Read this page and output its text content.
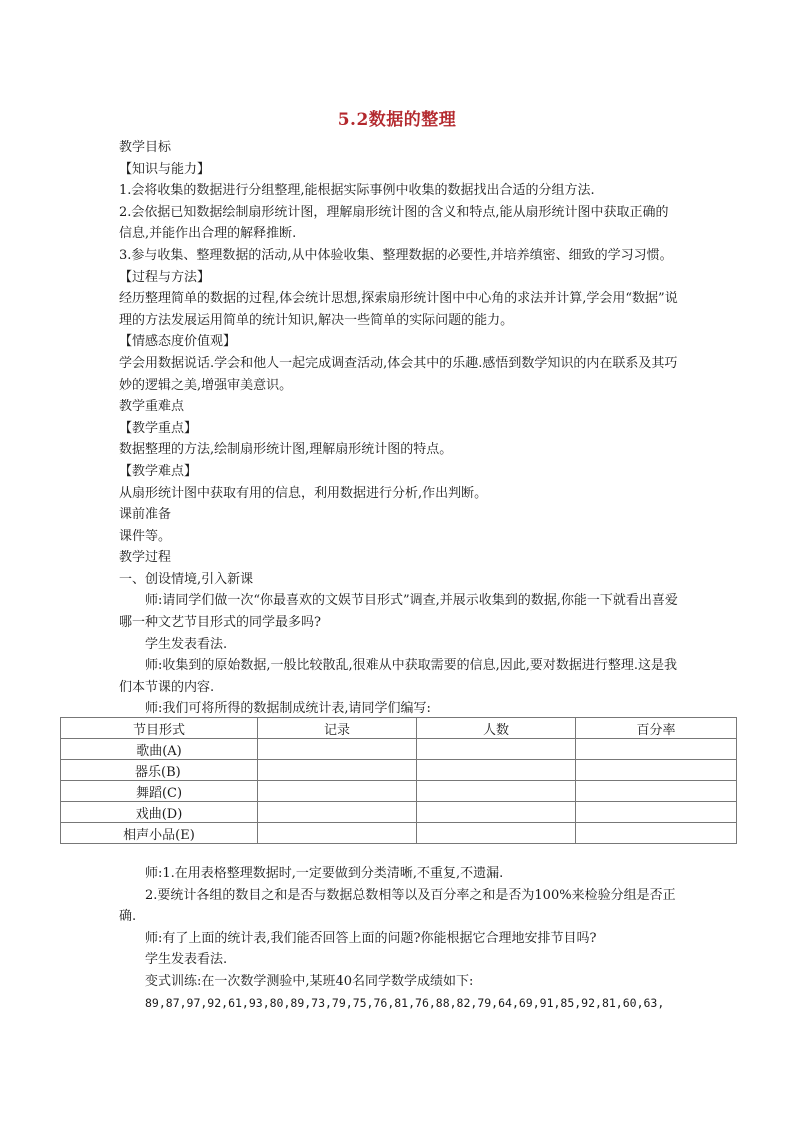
5.2数据的整理

教学目标

【知识与能力】

1.会将收集的数据进行分组整理,能根据实际事例中收集的数据找出合适的分组方法.

2.会依据已知数据绘制扇形统计图，理解扇形统计图的含义和特点,能从扇形统计图中获取正确的信息,并能作出合理的解释推断.

3.参与收集、整理数据的活动,从中体验收集、整理数据的必要性,并培养缜密、细致的学习习惯。

【过程与方法】

经历整理简单的数据的过程,体会统计思想,探索扇形统计图中中心角的求法并计算,学会用“数据”说理的方法发展运用简单的统计知识,解决一些简单的实际问题的能力。

【情感态度价值观】

学会用数据说话.学会和他人一起完成调查活动,体会其中的乐趣.感悟到数学知识的内在联系及其巧妙的逻辑之美,增强审美意识。

教学重难点

【教学重点】

数据整理的方法,绘制扇形统计图,理解扇形统计图的特点。

【教学难点】

从扇形统计图中获取有用的信息，利用数据进行分析,作出判断。

课前准备

课件等。

教学过程

一、创设情境,引入新课

师:请同学们做一次“你最喜欢的文娱节目形式”调查,并展示收集到的数据,你能一下就看出喜爱哪一种文艺节目形式的同学最多吗?

学生发表看法.

师:收集到的原始数据,一般比较散乱,很难从中获取需要的信息,因此,要对数据进行整理.这是我们本节课的内容.

师:我们可将所得的数据制成统计表,请同学们编写:

节目形式	记录	人数	百分率
歌曲(A)			
器乐(B)			
舞蹈(C)			
戏曲(D)			
相声小品(E)			

师:1.在用表格整理数据时,一定要做到分类清晰,不重复,不遗漏.

2.要统计各组的数目之和是否与数据总数相等以及百分率之和是否为100%来检验分组是否正确.

师:有了上面的统计表,我们能否回答上面的问题?你能根据它合理地安排节目吗?

学生发表看法.

变式训练:在一次数学测验中,某班40名同学数学成绩如下:

89,87,97,92,61,93,80,89,73,79,75,76,81,76,88,82,79,64,69,91,85,92,81,60,63,
